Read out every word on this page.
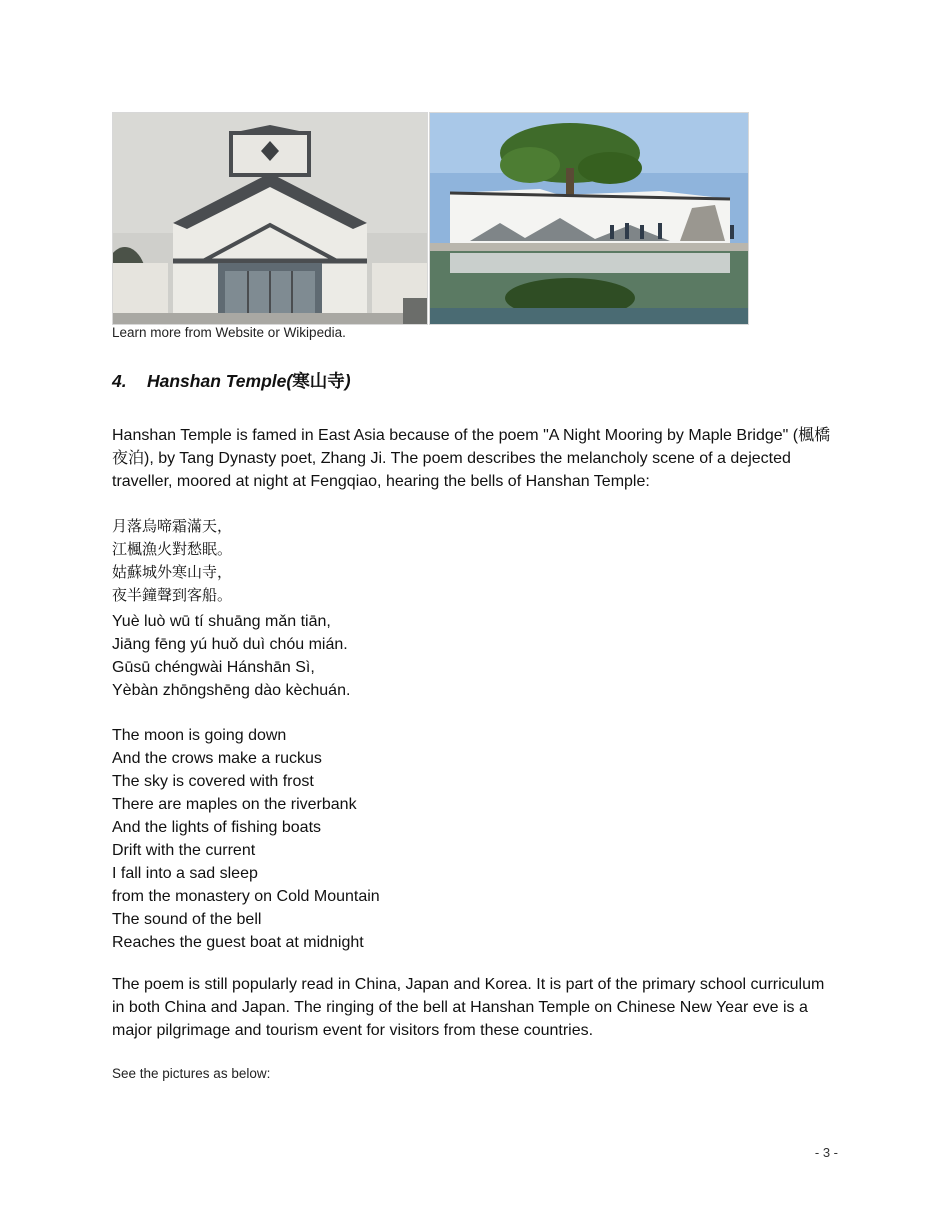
Learn more from Website or Wikipedia.
4. Hanshan Temple(寒山寺)
Hanshan Temple is famed in East Asia because of the poem "A Night Mooring by Maple Bridge" (楓橋夜泊), by Tang Dynasty poet, Zhang Ji. The poem describes the melancholy scene of a dejected traveller, moored at night at Fengqiao, hearing the bells of Hanshan Temple:
月落烏啼霜滿天，
江楓漁火對愁眠。
姑蘇城外寒山寺，
夜半鐘聲到客船。
Yuè luò wū tí shuāng mǎn tiān,
Jiāng fēng yú huǒ duì chóu mián.
Gūsū chéngwài Hánshān Sì,
Yèbàn zhōngshēng dào kèchuán.
The moon is going down
And the crows make a ruckus
The sky is covered with frost
There are maples on the riverbank
And the lights of fishing boats
Drift with the current
I fall into a sad sleep
from the monastery on Cold Mountain
The sound of the bell
Reaches the guest boat at midnight
The poem is still popularly read in China, Japan and Korea. It is part of the primary school curriculum in both China and Japan. The ringing of the bell at Hanshan Temple on Chinese New Year eve is a major pilgrimage and tourism event for visitors from these countries.
See the pictures as below:
- 3 -
